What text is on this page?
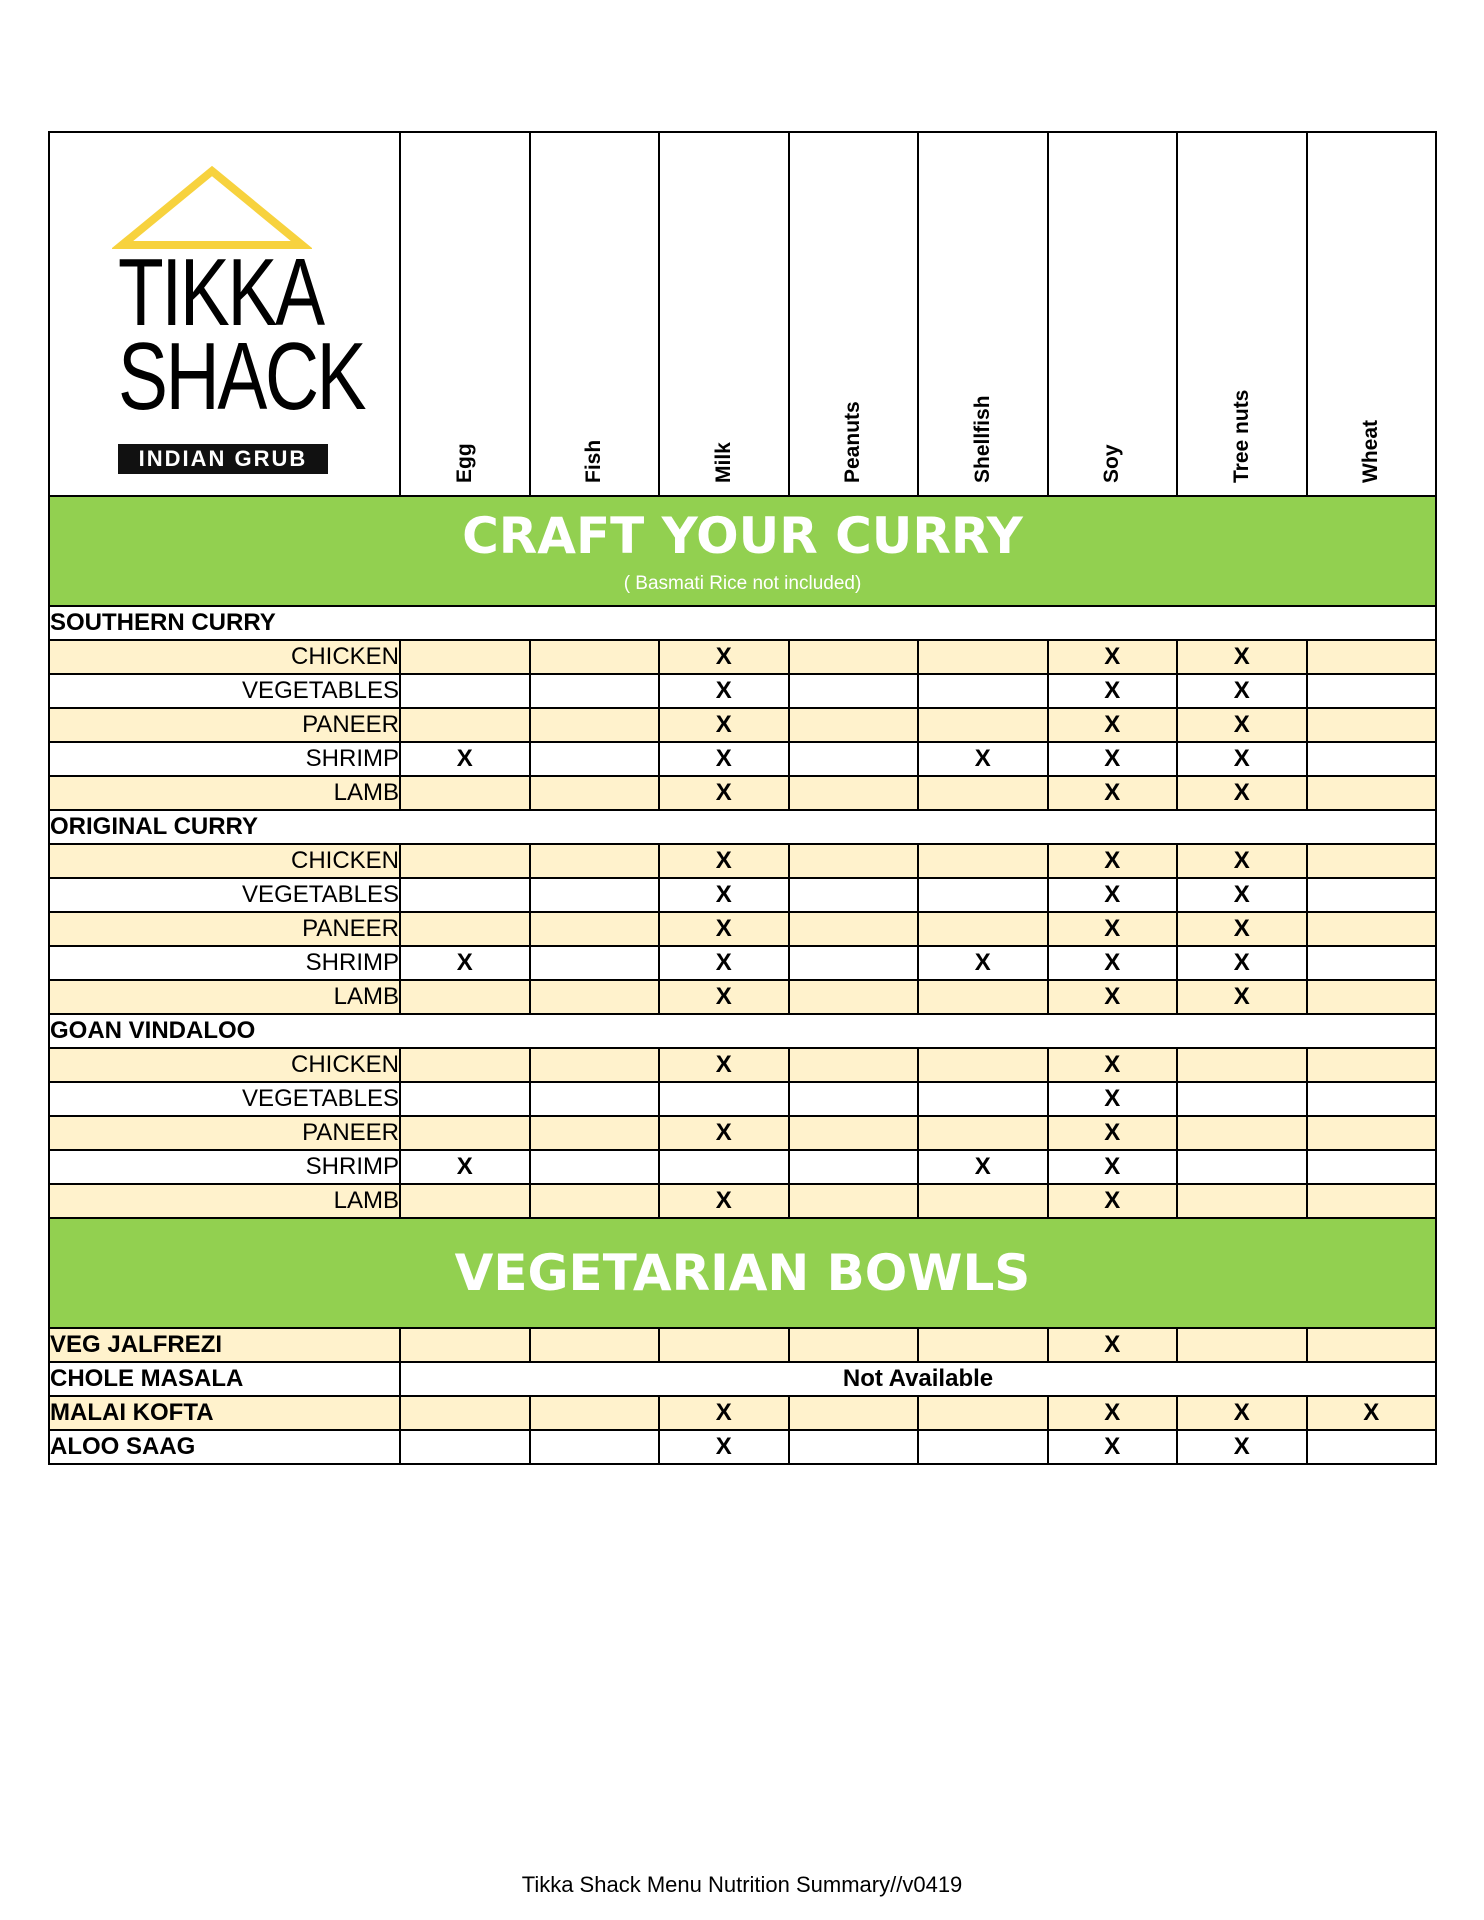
TIKKA
SHACK
INDIAN GRUB	Egg	Fish	Milk	Peanuts	Shellfish	Soy	Tree nuts	Wheat

CRAFT YOUR CURRY
( Basmati Rice not included)								

SOUTHERN CURRY								
CHICKEN			X			X	X	
VEGETABLES			X			X	X	
PANEER			X			X	X	
SHRIMP	X		X		X	X	X	
LAMB			X			X	X	
ORIGINAL CURRY								
CHICKEN			X			X	X	
VEGETABLES			X			X	X	
PANEER			X			X	X	
SHRIMP	X		X		X	X	X	
LAMB			X			X	X	
GOAN VINDALOO								
CHICKEN			X			X		
VEGETABLES						X		
PANEER			X			X		
SHRIMP	X				X	X		
LAMB			X			X		

VEGETARIAN BOWLS								

VEG JALFREZI						X		
CHOLE MASALA	Not Available							
MALAI KOFTA			X			X	X	X
ALOO SAAG			X			X	X	
Tikka Shack Menu Nutrition Summary//v0419
